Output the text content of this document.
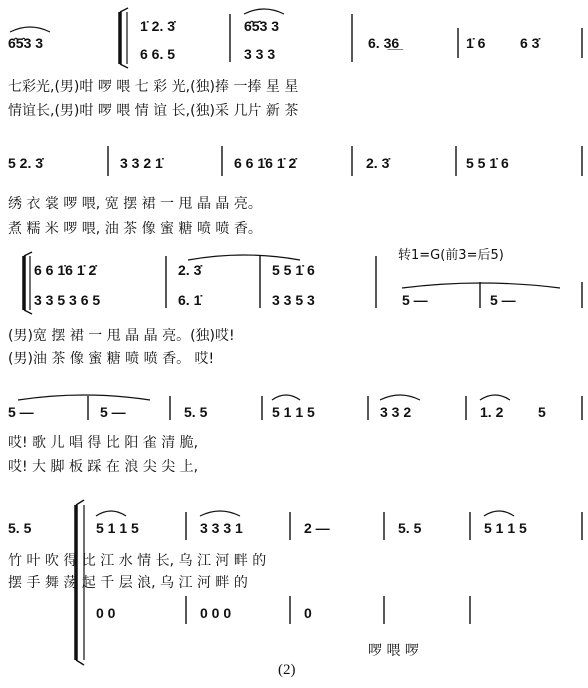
6̂5̂3 3
1̇ 2. 3̇
6 6. 5
6̂5̂3 3
3 3 3
6. 3̲6̲	1̇ 6 6 3̇
5 2. 3̇	3 3 2 1̇	6 6 1̇6 1̇ 2̇	2. 3̇	5 5 1̇ 6
6 6 1̇6 1̇ 2̇
3 3 5 3 6 5
2. 3̇
6. 1̇
5 5 1̇ 6
3 3 5 3	5 —	5 —
5 —	5 —	5. 5	5 1 1 5	3 3 2	1. 2 5
5. 5	5 1 1 5	3 3 3 1	2 —	5. 5	5 1 1 5
0 0	0 0 0	0
七彩光,(男)咁 啰 喂 七 彩 光,(独)捧 一捧 星 星
情谊长,(男)咁 啰 喂 情 谊 长,(独)采 几片 新 茶
绣 衣 裳 啰 喂, 宽 摆 裙 一 甩 晶 晶 亮。
煮 糯 米 啰 喂, 油 茶 像 蜜 糖 喷 喷 香。
(男)宽 摆 裙 一 甩 晶 晶 亮。(独)哎!
(男)油 茶 像 蜜 糖 喷 喷 香。 哎!
哎! 歌 儿 唱 得 比 阳 雀 清 脆,
哎! 大 脚 板 踩 在 浪 尖 尖 上,
竹 叶 吹 得 比 江 水 情 长, 乌 江 河 畔 的
摆 手 舞 荡 起 千 层 浪, 乌 江 河 畔 的
啰 喂 啰
转1=G(前3̇=后5)
(2)
